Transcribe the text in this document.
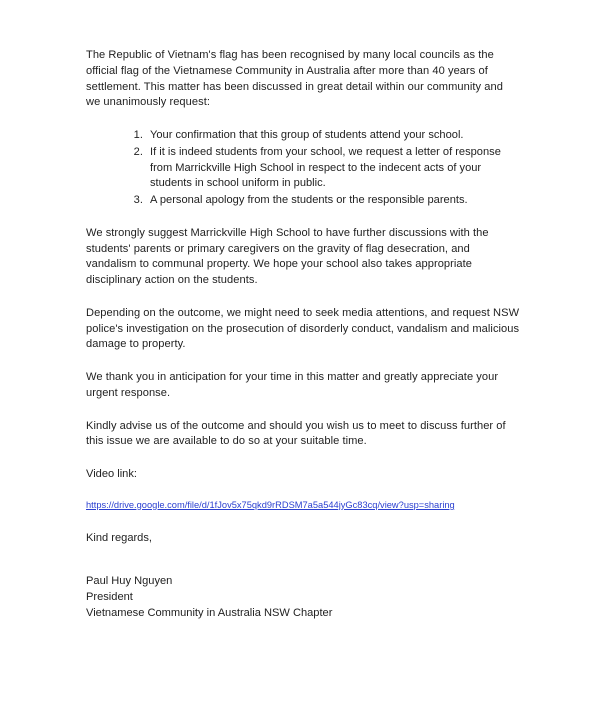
The Republic of Vietnam's flag has been recognised by many local councils as the official flag of the Vietnamese Community in Australia after more than 40 years of settlement. This matter has been discussed in great detail within our community and we unanimously request:

1. Your confirmation that this group of students attend your school.
2. If it is indeed students from your school, we request a letter of response from Marrickville High School in respect to the indecent acts of your students in school uniform in public.
3. A personal apology from the students or the responsible parents.

We strongly suggest Marrickville High School to have further discussions with the students' parents or primary caregivers on the gravity of flag desecration, and vandalism to communal property. We hope your school also takes appropriate disciplinary action on the students.

Depending on the outcome, we might need to seek media attentions, and request NSW police's investigation on the prosecution of disorderly conduct, vandalism and malicious damage to property.

We thank you in anticipation for your time in this matter and greatly appreciate your urgent response.

Kindly advise us of the outcome and should you wish us to meet to discuss further of this issue we are available to do so at your suitable time.

Video link:

https://drive.google.com/file/d/1fJov5x75qkd9rRDSM7a5a544jyGc83cq/view?usp=sharing

Kind regards,

Paul Huy Nguyen
President
Vietnamese Community in Australia NSW Chapter
